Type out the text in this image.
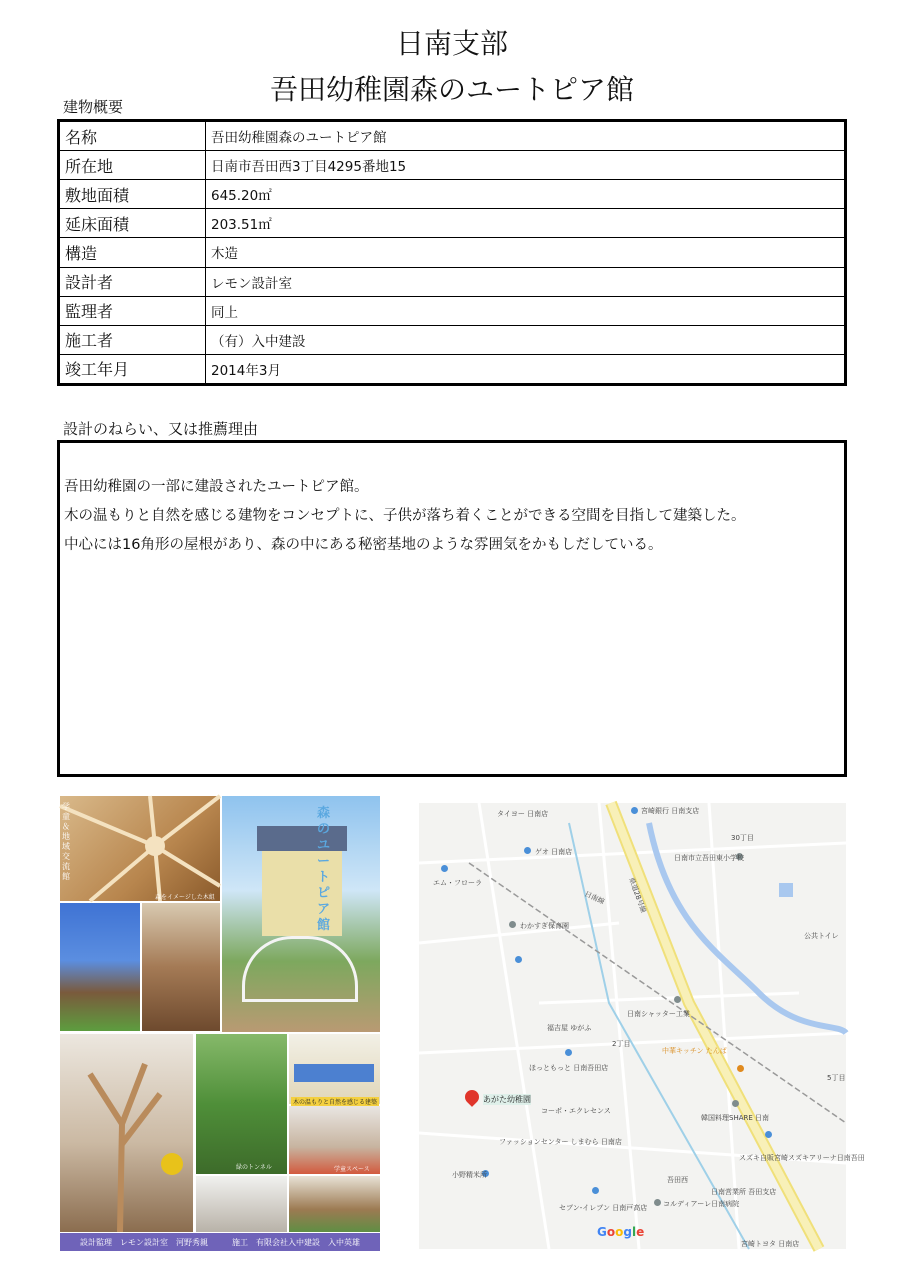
日南支部
吾田幼稚園森のユートピア館
建物概要
名称	吾田幼稚園森のユートピア館
所在地	日南市吾田西3丁目4295番地15
敷地面積	645.20㎡
延床面積	203.51㎡
構造	木造
設計者	レモン設計室
監理者	同上
施工者	（有）入中建設
竣工年月	2014年3月
設計のねらい、又は推薦理由

吾田幼稚園の一部に建設されたユートピア館。

木の温もりと自然を感じる建物をコンセプトに、子供が落ち着くことができる空間を目指して建築した。

中心には16角形の屋根があり、森の中にある秘密基地のような雰囲気をかもしだしている。

森をイメージした木組
学童＆地域交流館
森のユートピア館
緑のトンネル
木の温もりと自然を感じる建築
学童スペース
設計監理　レモン設計室　河野秀親　　　施工　有限会社入中建設　入中英雄
タイヨー 日南店	宮崎銀行 日南支店
日南市立吾田東小学校
30丁目
ゲオ 日南店
エム・フローラ	県道28号線
日南線
わかすぎ保育園
公共トイレ
日南シャッター工業
福吉屋 ゆがふ
ほっともっと 日南吾田店
中華キッチン たんぱ
2丁目
5丁目
あがた幼稚園
コーポ・エクレセンス
韓国料理SHARE 日南
ファッションセンター しまむら 日南店
スズキ自販宮崎スズキアリーナ日南吾田
小野精米所
吾田西
日南営業所 吾田支店
セブン-イレブン 日南戸高店 コルディアーレ日南病院
宮崎トヨタ 日南店
Google
